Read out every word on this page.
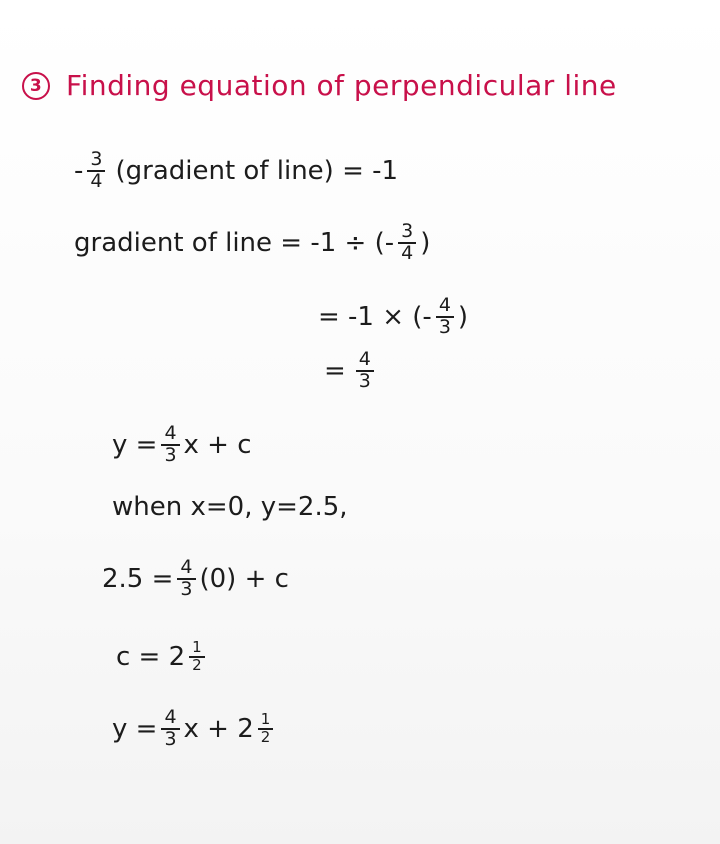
3 Finding equation of perpendicular line
- $\frac{3}{4}$ (gradient of line) = -1
gradient of line = -1 ÷ (- $\frac{3}{4}$ )
= -1 × (- $\frac{4}{3}$ )
= $\frac{4}{3}$
$y = \frac{4}{3}$ x + c
when x=0, y=2.5,
$2.5 = \frac{4}{3} (0) + c$
$c = 2 \frac{1}{2}$
$y = \frac{4}{3}$ $x + 2 \frac{1}{2}$
